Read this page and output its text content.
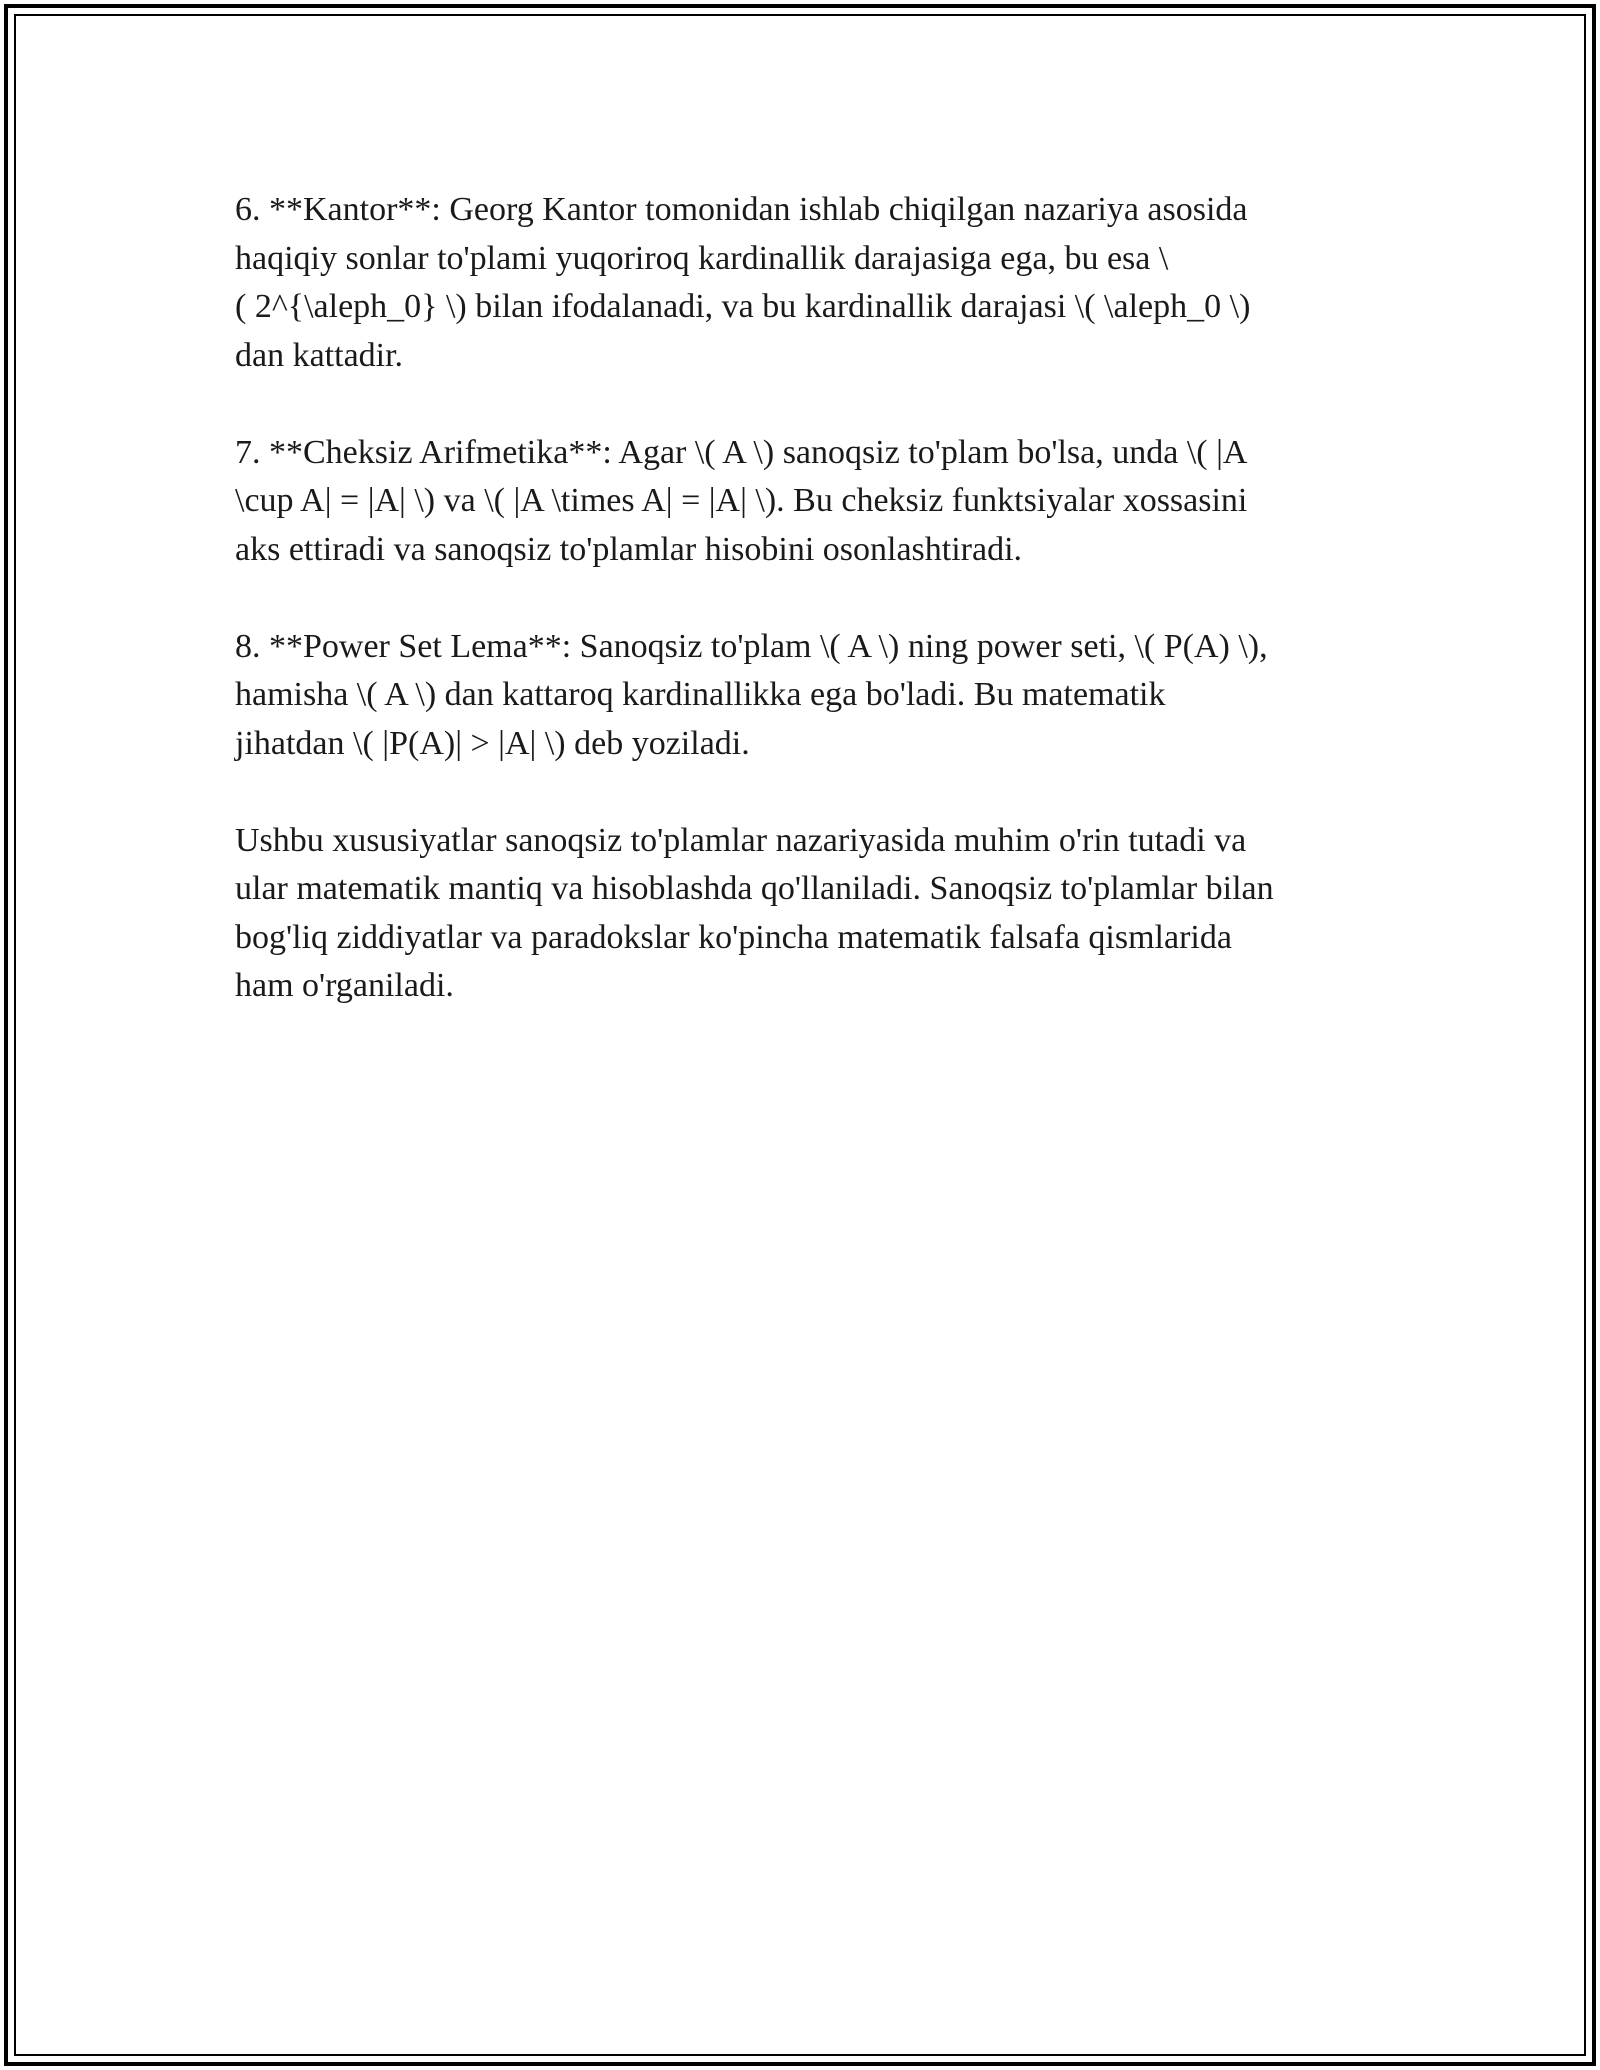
6. **Kantor**: Georg Kantor tomonidan ishlab chiqilgan nazariya asosida
haqiqiy sonlar to'plami yuqoriroq kardinallik darajasiga ega, bu esa \
( 2^{\aleph_0} \) bilan ifodalanadi, va bu kardinallik darajasi \( \aleph_0 \)
dan kattadir.

7. **Cheksiz Arifmetika**: Agar \( A \) sanoqsiz to'plam bo'lsa, unda \( |A
\cup A| = |A| \) va \( |A \times A| = |A| \). Bu cheksiz funktsiyalar xossasini
aks ettiradi va sanoqsiz to'plamlar hisobini osonlashtiradi.

8. **Power Set Lema**: Sanoqsiz to'plam \( A \) ning power seti, \( P(A) \),
hamisha \( A \) dan kattaroq kardinallikka ega bo'ladi. Bu matematik
jihatdan \( |P(A)| > |A| \) deb yoziladi.

Ushbu xususiyatlar sanoqsiz to'plamlar nazariyasida muhim o'rin tutadi va
ular matematik mantiq va hisoblashda qo'llaniladi. Sanoqsiz to'plamlar bilan
bog'liq ziddiyatlar va paradokslar ko'pincha matematik falsafa qismlarida
ham o'rganiladi.
